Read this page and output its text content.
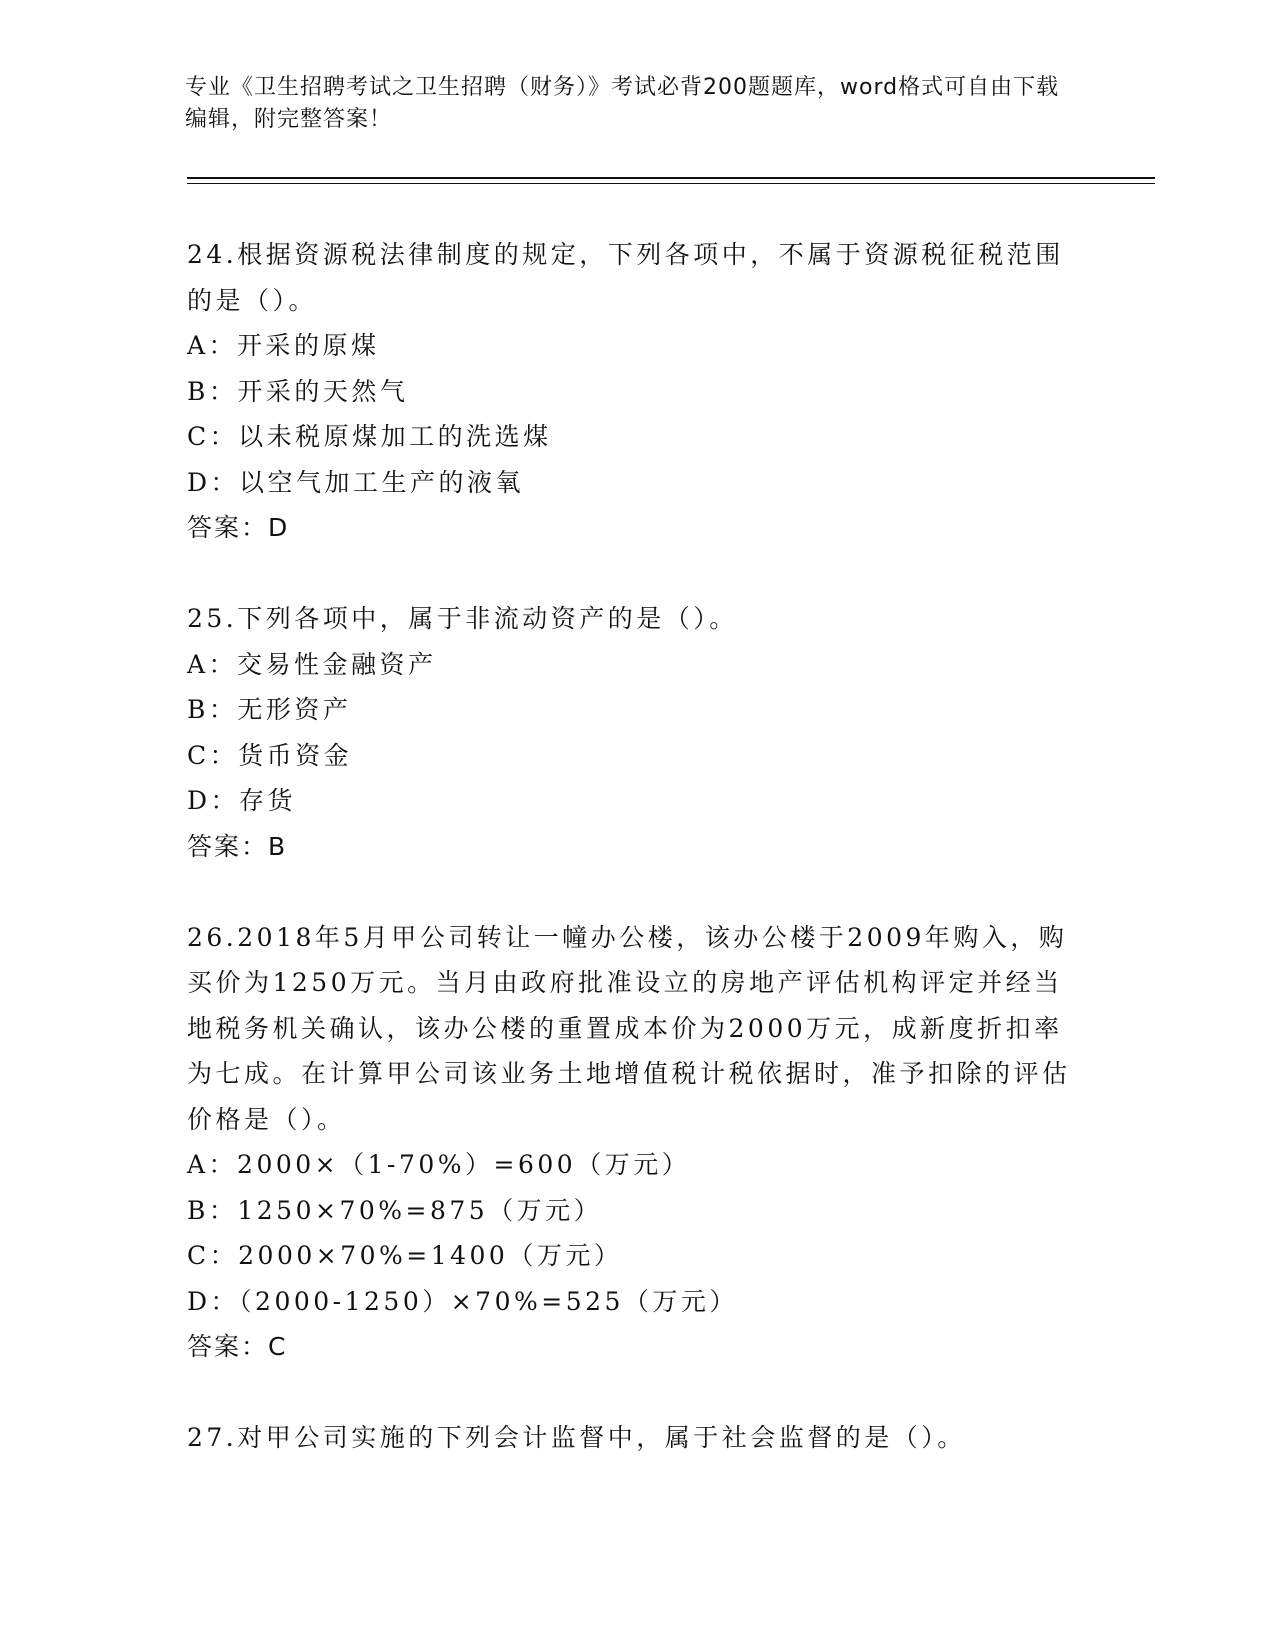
专业《卫生招聘考试之卫生招聘（财务）》考试必背200题题库，word格式可自由下载编辑，附完整答案！

24.根据资源税法律制度的规定，下列各项中，不属于资源税征税范围的是（）。

A：开采的原煤

B：开采的天然气

C：以未税原煤加工的洗选煤

D：以空气加工生产的液氧

答案：D

25.下列各项中，属于非流动资产的是（）。

A：交易性金融资产

B：无形资产

C：货币资金

D：存货

答案：B

26.2018年5月甲公司转让一幢办公楼，该办公楼于2009年购入，购买价为1250万元。当月由政府批准设立的房地产评估机构评定并经当地税务机关确认，该办公楼的重置成本价为2000万元，成新度折扣率为七成。在计算甲公司该业务土地增值税计税依据时，准予扣除的评估价格是（）。

A：2000×（1-70%）=600（万元）

B：1250×70%=875（万元）

C：2000×70%=1400（万元）

D：（2000-1250）×70%=525（万元）

答案：C

27.对甲公司实施的下列会计监督中，属于社会监督的是（）。
